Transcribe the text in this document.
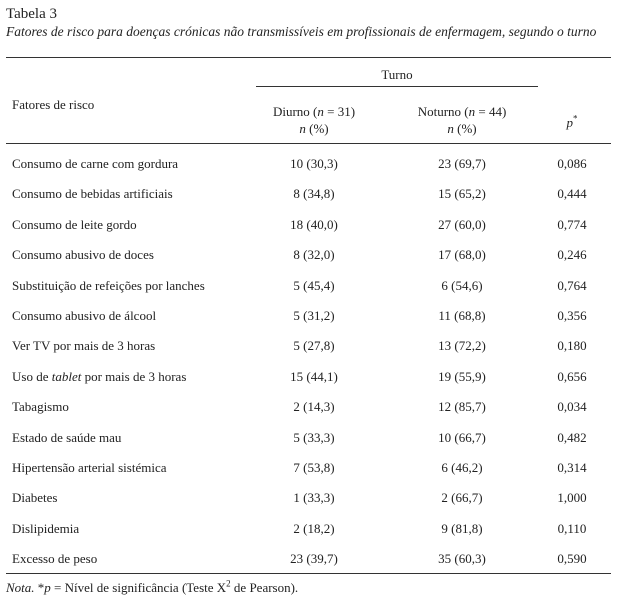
Tabela 3
Fatores de risco para doenças crónicas não transmissíveis em profissionais de enfermagem, segundo o turno
Fatores de risco
Turno
Diurno (n = 31)
n (%)
Noturno (n = 44)
n (%)	p*
Consumo de carne com gordura	10 (30,3)	23 (69,7)	0,086
Consumo de bebidas artificiais	8 (34,8)	15 (65,2)	0,444
Consumo de leite gordo	18 (40,0)	27 (60,0)	0,774
Consumo abusivo de doces	8 (32,0)	17 (68,0)	0,246
Substituição de refeições por lanches	5 (45,4)	6 (54,6)	0,764
Consumo abusivo de álcool	5 (31,2)	11 (68,8)	0,356
Ver TV por mais de 3 horas	5 (27,8)	13 (72,2)	0,180
Uso de tablet por mais de 3 horas	15 (44,1)	19 (55,9)	0,656
Tabagismo	2 (14,3)	12 (85,7)	0,034
Estado de saúde mau	5 (33,3)	10 (66,7)	0,482
Hipertensão arterial sistémica	7 (53,8)	6 (46,2)	0,314
Diabetes	1 (33,3)	2 (66,7)	1,000
Dislipidemia	2 (18,2)	9 (81,8)	0,110
Excesso de peso	23 (39,7)	35 (60,3)	0,590
Nota. *p = Nível de significância (Teste $X^2$ de Pearson).
